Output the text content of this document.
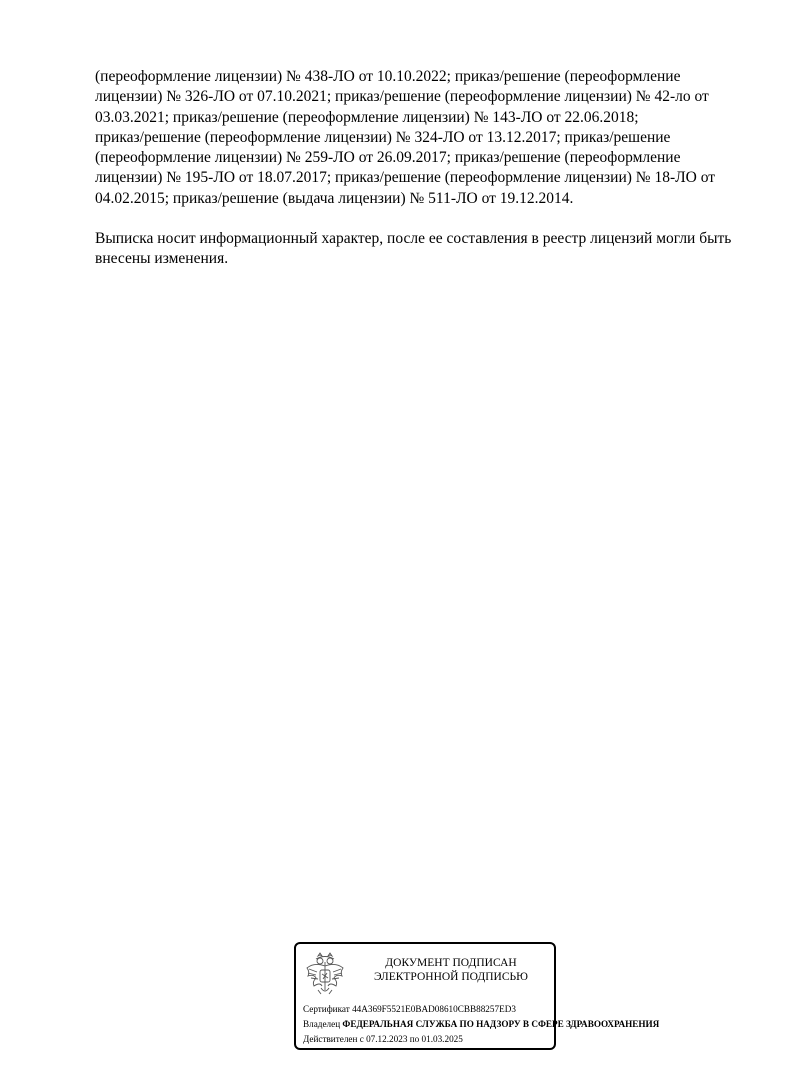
(переоформление лицензии) № 438-ЛО от 10.10.2022; приказ/решение (переоформление
лицензии) № 326-ЛО от 07.10.2021; приказ/решение (переоформление лицензии) № 42-ло от
03.03.2021; приказ/решение (переоформление лицензии) № 143-ЛО от 22.06.2018;
приказ/решение (переоформление лицензии) № 324-ЛО от 13.12.2017; приказ/решение
(переоформление лицензии) № 259-ЛО от 26.09.2017; приказ/решение (переоформление
лицензии) № 195-ЛО от 18.07.2017; приказ/решение (переоформление лицензии) № 18-ЛО от
04.02.2015; приказ/решение (выдача лицензии) № 511-ЛО от 19.12.2014.

Выписка носит информационный характер, после ее составления в реестр лицензий могли быть
внесены изменения.

ДОКУМЕНТ ПОДПИСАН
ЭЛЕКТРОННОЙ ПОДПИСЬЮ
Сертификат 44A369F5521E0BAD08610CBB88257ED3
Владелец ФЕДЕРАЛЬНАЯ СЛУЖБА ПО НАДЗОРУ В СФЕРЕ ЗДРАВООХРАНЕНИЯ
Действителен с 07.12.2023 по 01.03.2025
